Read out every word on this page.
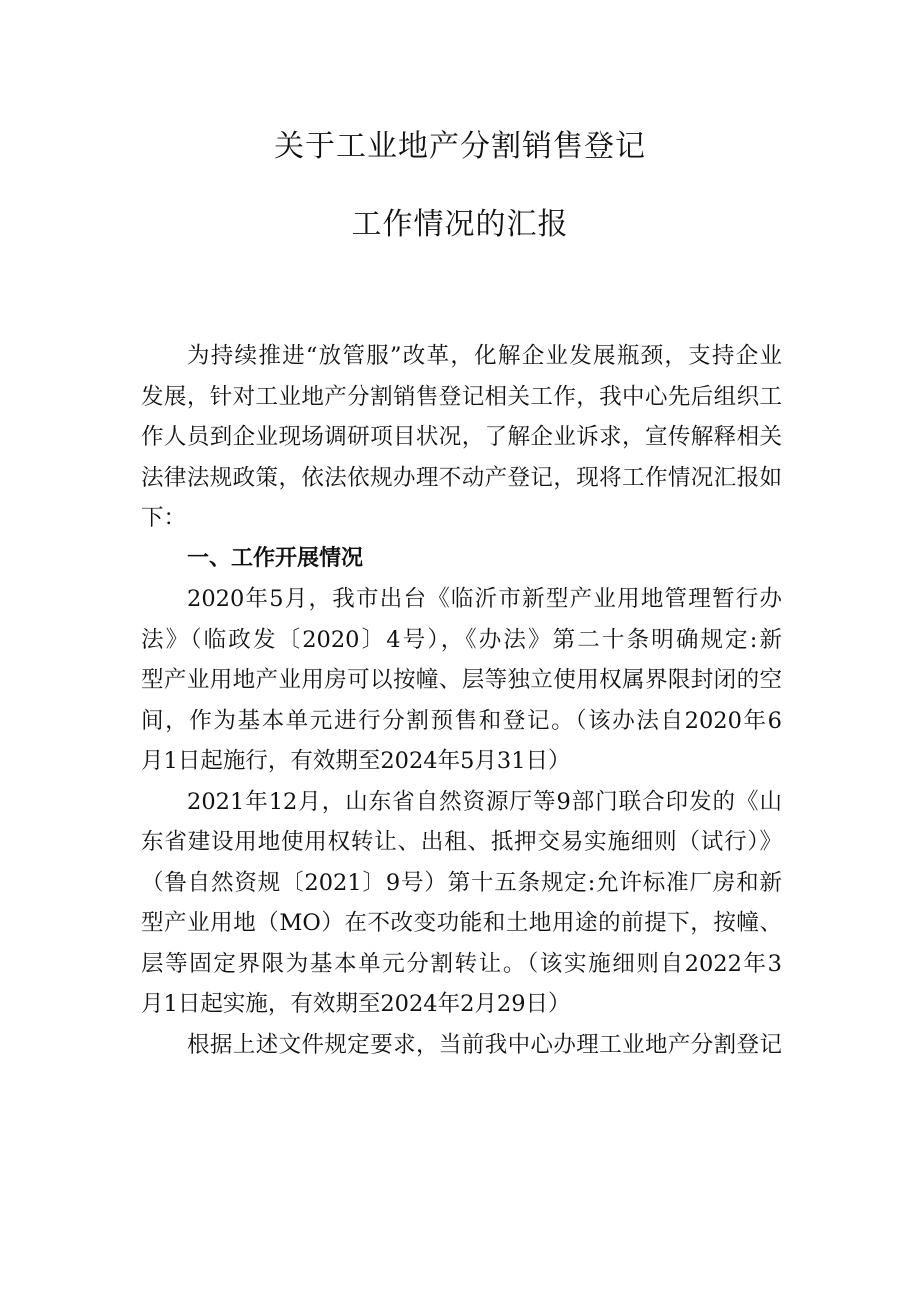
关于工业地产分割销售登记
工作情况的汇报
为持续推进“放管服”改革，化解企业发展瓶颈，支持企业
发展，针对工业地产分割销售登记相关工作，我中心先后组织工
作人员到企业现场调研项目状况，了解企业诉求，宣传解释相关
法律法规政策，依法依规办理不动产登记，现将工作情况汇报如
下：
一、工作开展情况
2020年5月，我市出台《临沂市新型产业用地管理暂行办
法》（临政发〔2020〕4号），《办法》第二十条明确规定:新
型产业用地产业用房可以按幢、层等独立使用权属界限封闭的空
间，作为基本单元进行分割预售和登记。（该办法自2020年6
月1日起施行，有效期至2024年5月31日）
2021年12月，山东省自然资源厅等9部门联合印发的《山
东省建设用地使用权转让、出租、抵押交易实施细则（试行）》
（鲁自然资规〔2021〕9号）第十五条规定:允许标准厂房和新
型产业用地（MO）在不改变功能和土地用途的前提下，按幢、
层等固定界限为基本单元分割转让。（该实施细则自2022年3
月1日起实施，有效期至2024年2月29日）
根据上述文件规定要求，当前我中心办理工业地产分割登记
